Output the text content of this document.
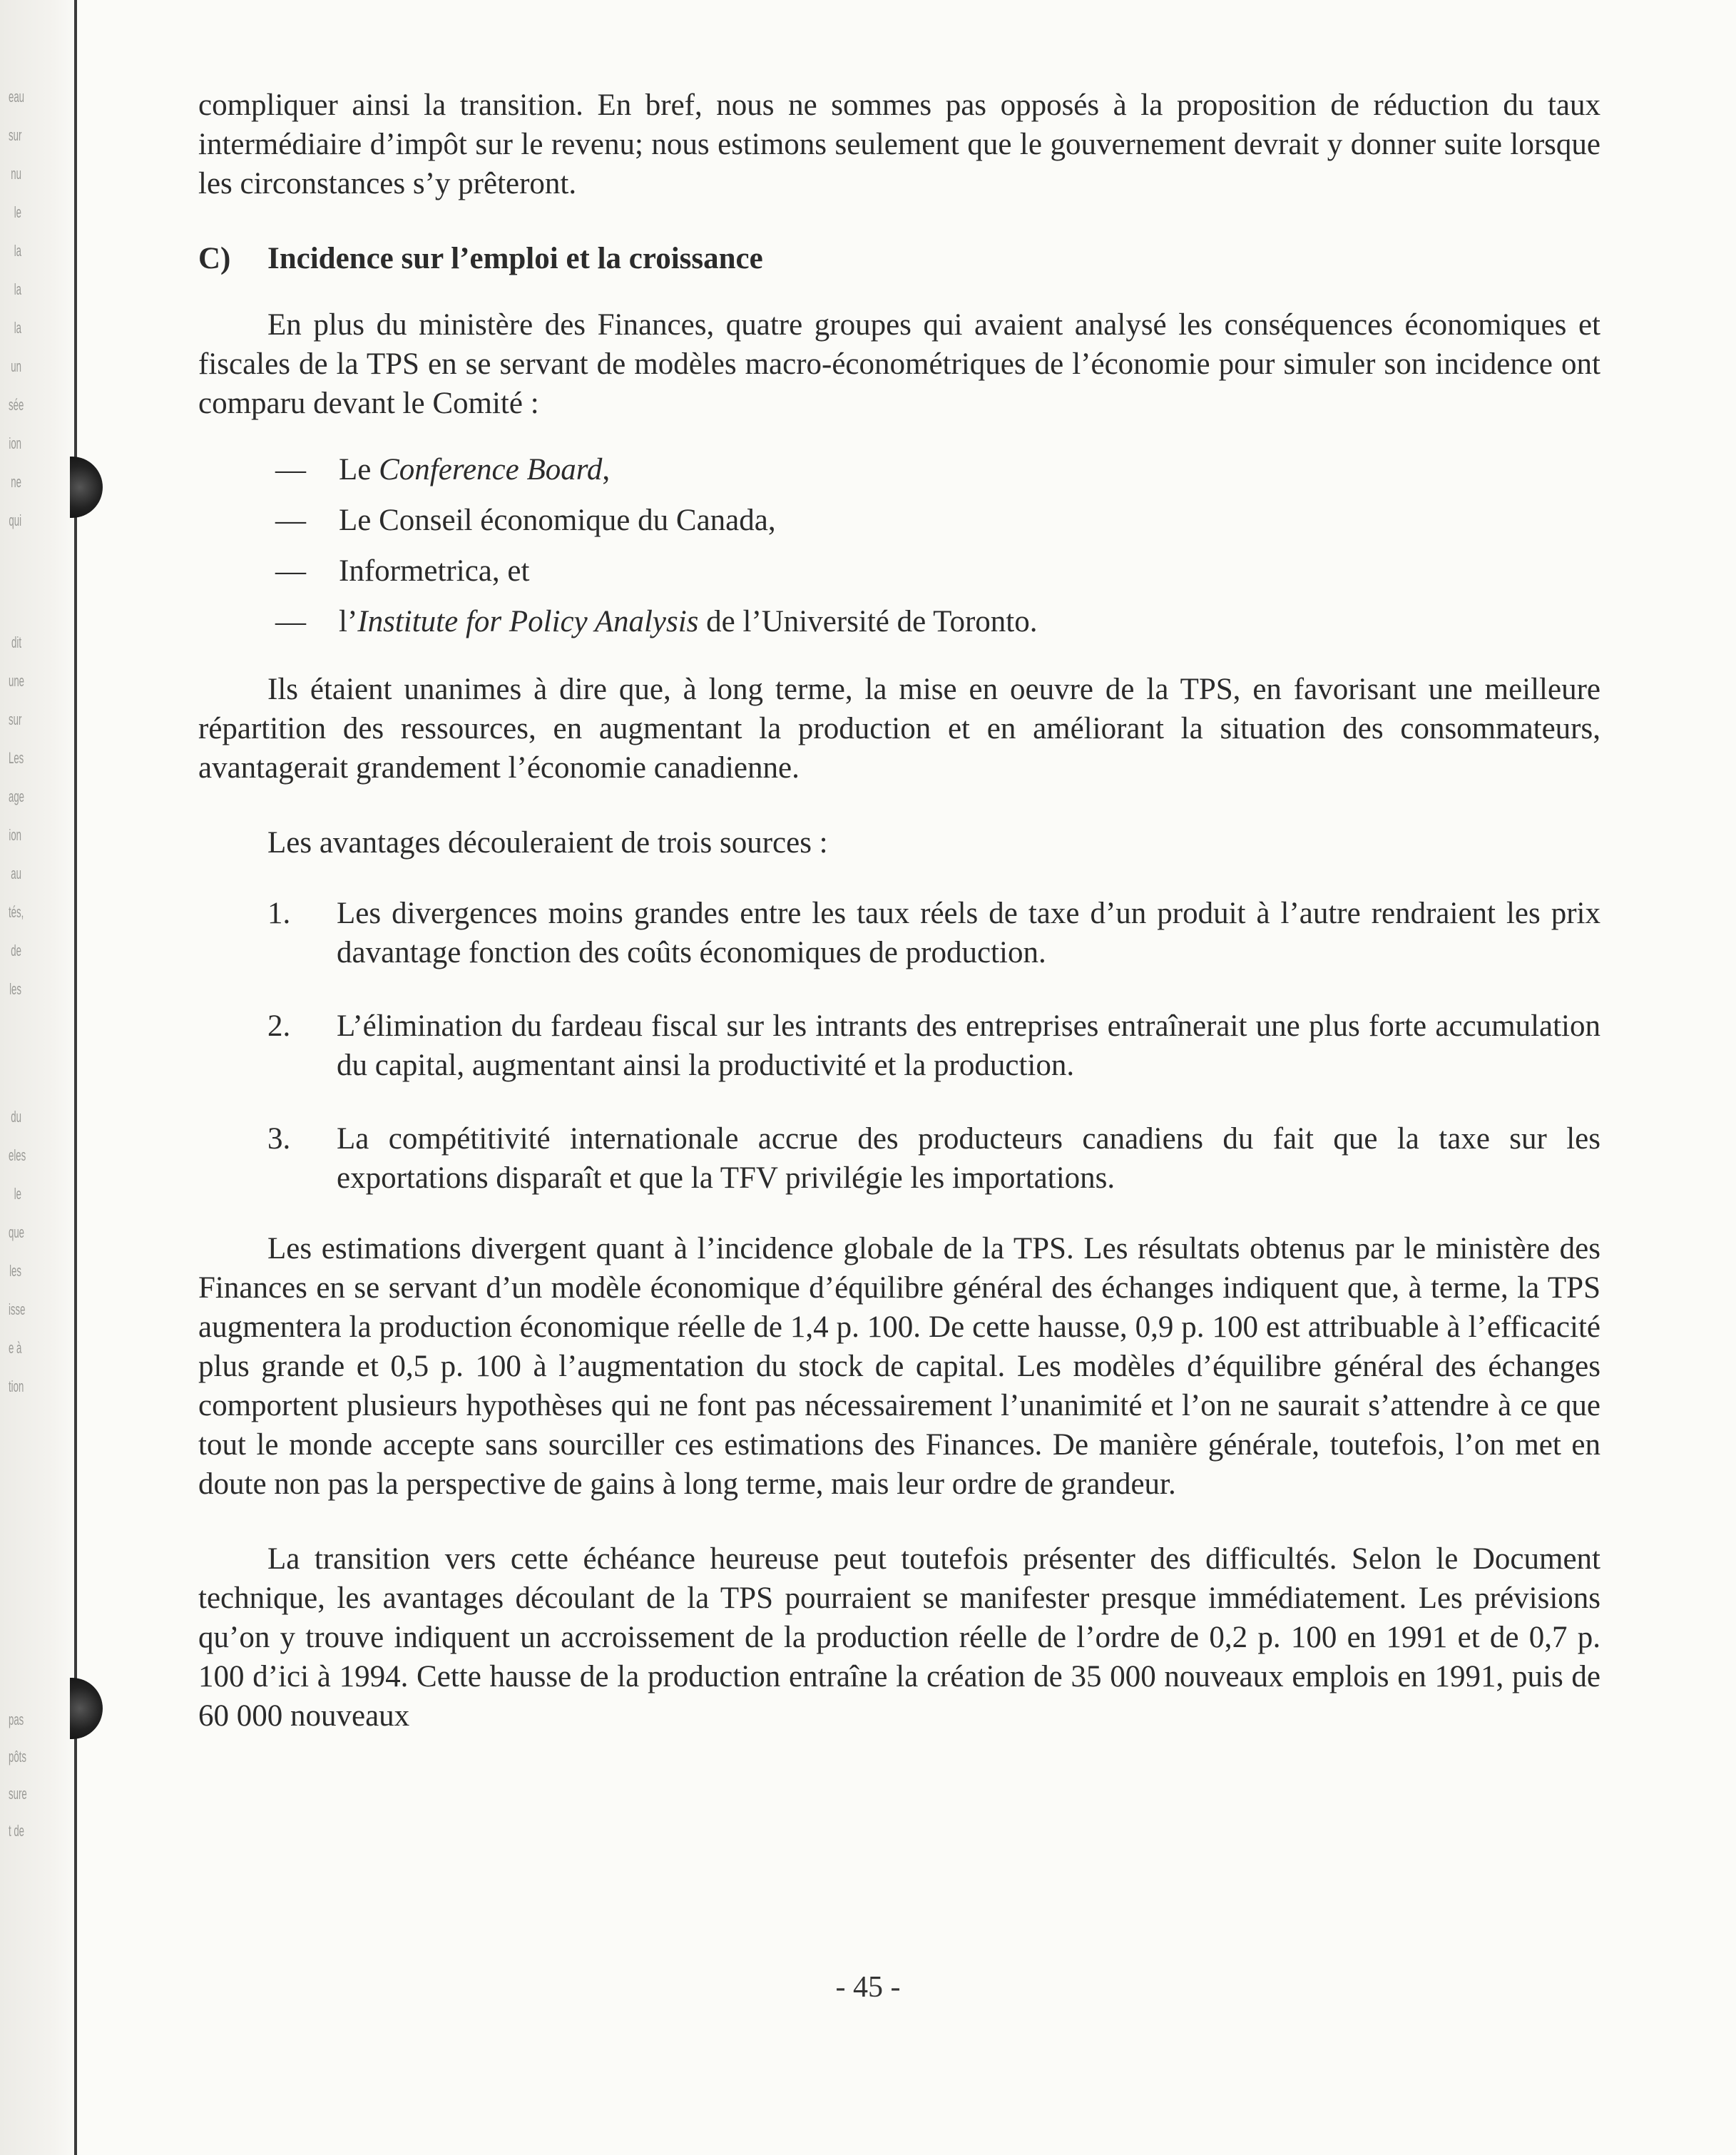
eau
sur
nu
le
la
la
la
un
sée
ion
ne
qui
dit
une
sur
Les
age
ion
au
tés,
de
les
du
eles
le
que
les
isse
e à
tion
pas
pôts
sure
t de

compliquer ainsi la transition. En bref, nous ne sommes pas opposés à la proposition de réduction du taux intermédiaire d’impôt sur le revenu; nous estimons seulement que le gouvernement devrait y donner suite lorsque les circonstances s’y prêteront.

C)	Incidence sur l’emploi et la croissance

En plus du ministère des Finances, quatre groupes qui avaient analysé les conséquences économiques et fiscales de la TPS en se servant de modèles macro-économétriques de l’économie pour simuler son incidence ont comparu devant le Comité :

—	Le Conference Board,
—	Le Conseil économique du Canada,
—	Informetrica, et
—	l’Institute for Policy Analysis de l’Université de Toronto.

Ils étaient unanimes à dire que, à long terme, la mise en oeuvre de la TPS, en favorisant une meilleure répartition des ressources, en augmentant la production et en améliorant la situation des consommateurs, avantagerait grandement l’économie canadienne.

Les avantages découleraient de trois sources :

1.	Les divergences moins grandes entre les taux réels de taxe d’un produit à l’autre rendraient les prix davantage fonction des coûts économiques de production.
2.	L’élimination du fardeau fiscal sur les intrants des entreprises entraînerait une plus forte accumulation du capital, augmentant ainsi la productivité et la production.
3.	La compétitivité internationale accrue des producteurs canadiens du fait que la taxe sur les exportations disparaît et que la TFV privilégie les importations.

Les estimations divergent quant à l’incidence globale de la TPS. Les résultats obtenus par le ministère des Finances en se servant d’un modèle économique d’équilibre général des échanges indiquent que, à terme, la TPS augmentera la production économique réelle de 1,4 p. 100. De cette hausse, 0,9 p. 100 est attribuable à l’efficacité plus grande et 0,5 p. 100 à l’augmentation du stock de capital. Les modèles d’équilibre général des échanges comportent plusieurs hypothèses qui ne font pas nécessairement l’unanimité et l’on ne saurait s’attendre à ce que tout le monde accepte sans sourciller ces estimations des Finances. De manière générale, toutefois, l’on met en doute non pas la perspective de gains à long terme, mais leur ordre de grandeur.

La transition vers cette échéance heureuse peut toutefois présenter des difficultés. Selon le Document technique, les avantages découlant de la TPS pourraient se manifester presque immédiatement. Les prévisions qu’on y trouve indiquent un accroissement de la production réelle de l’ordre de 0,2 p. 100 en 1991 et de 0,7 p. 100 d’ici à 1994. Cette hausse de la production entraîne la création de 35 000 nouveaux emplois en 1991, puis de 60 000 nouveaux

- 45 -
